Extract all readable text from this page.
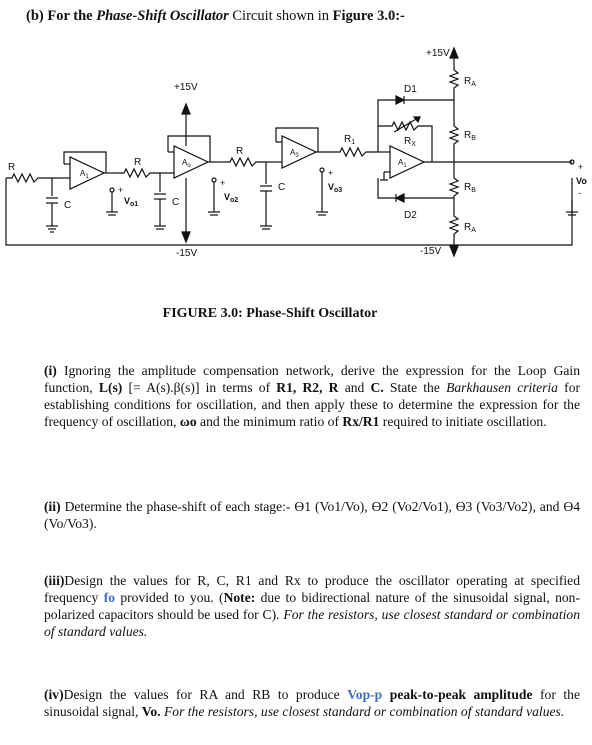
(b) For the Phase-Shift Oscillator Circuit shown in Figure 3.0:-
R
$A_1$
R
C
+
$V_{o1}$
+15V
-15V
$A_o$
C
+
$V_{o2}$
R
C
$A_3$
+
$V_{o3}$
$R_1$
$A_1$
$R_X$
D1
D2
+15V
-15V
$R_A$
$R_B$
$R_B$
$R_A$
+
Vo
-
FIGURE 3.0: Phase-Shift Oscillator
(i) Ignoring the amplitude compensation network, derive the expression for the Loop Gain function, L(s) [= A(s).β(s)] in terms of R1, R2, R and C. State the Barkhausen criteria for establishing conditions for oscillation, and then apply these to determine the expression for the frequency of oscillation, ωo and the minimum ratio of Rx/R1 required to initiate oscillation.
(ii) Determine the phase-shift of each stage:- ϴ1 (Vo1/Vo), ϴ2 (Vo2/Vo1), ϴ3 (Vo3/Vo2), and ϴ4 (Vo/Vo3).
(iii)Design the values for R, C, R1 and Rx to produce the oscillator operating at specified frequency fo provided to you. (Note: due to bidirectional nature of the sinusoidal signal, non-polarized capacitors should be used for C). For the resistors, use closest standard or combination of standard values.
(iv)Design the values for RA and RB to produce Vop-p peak-to-peak amplitude for the sinusoidal signal, Vo. For the resistors, use closest standard or combination of standard values.
